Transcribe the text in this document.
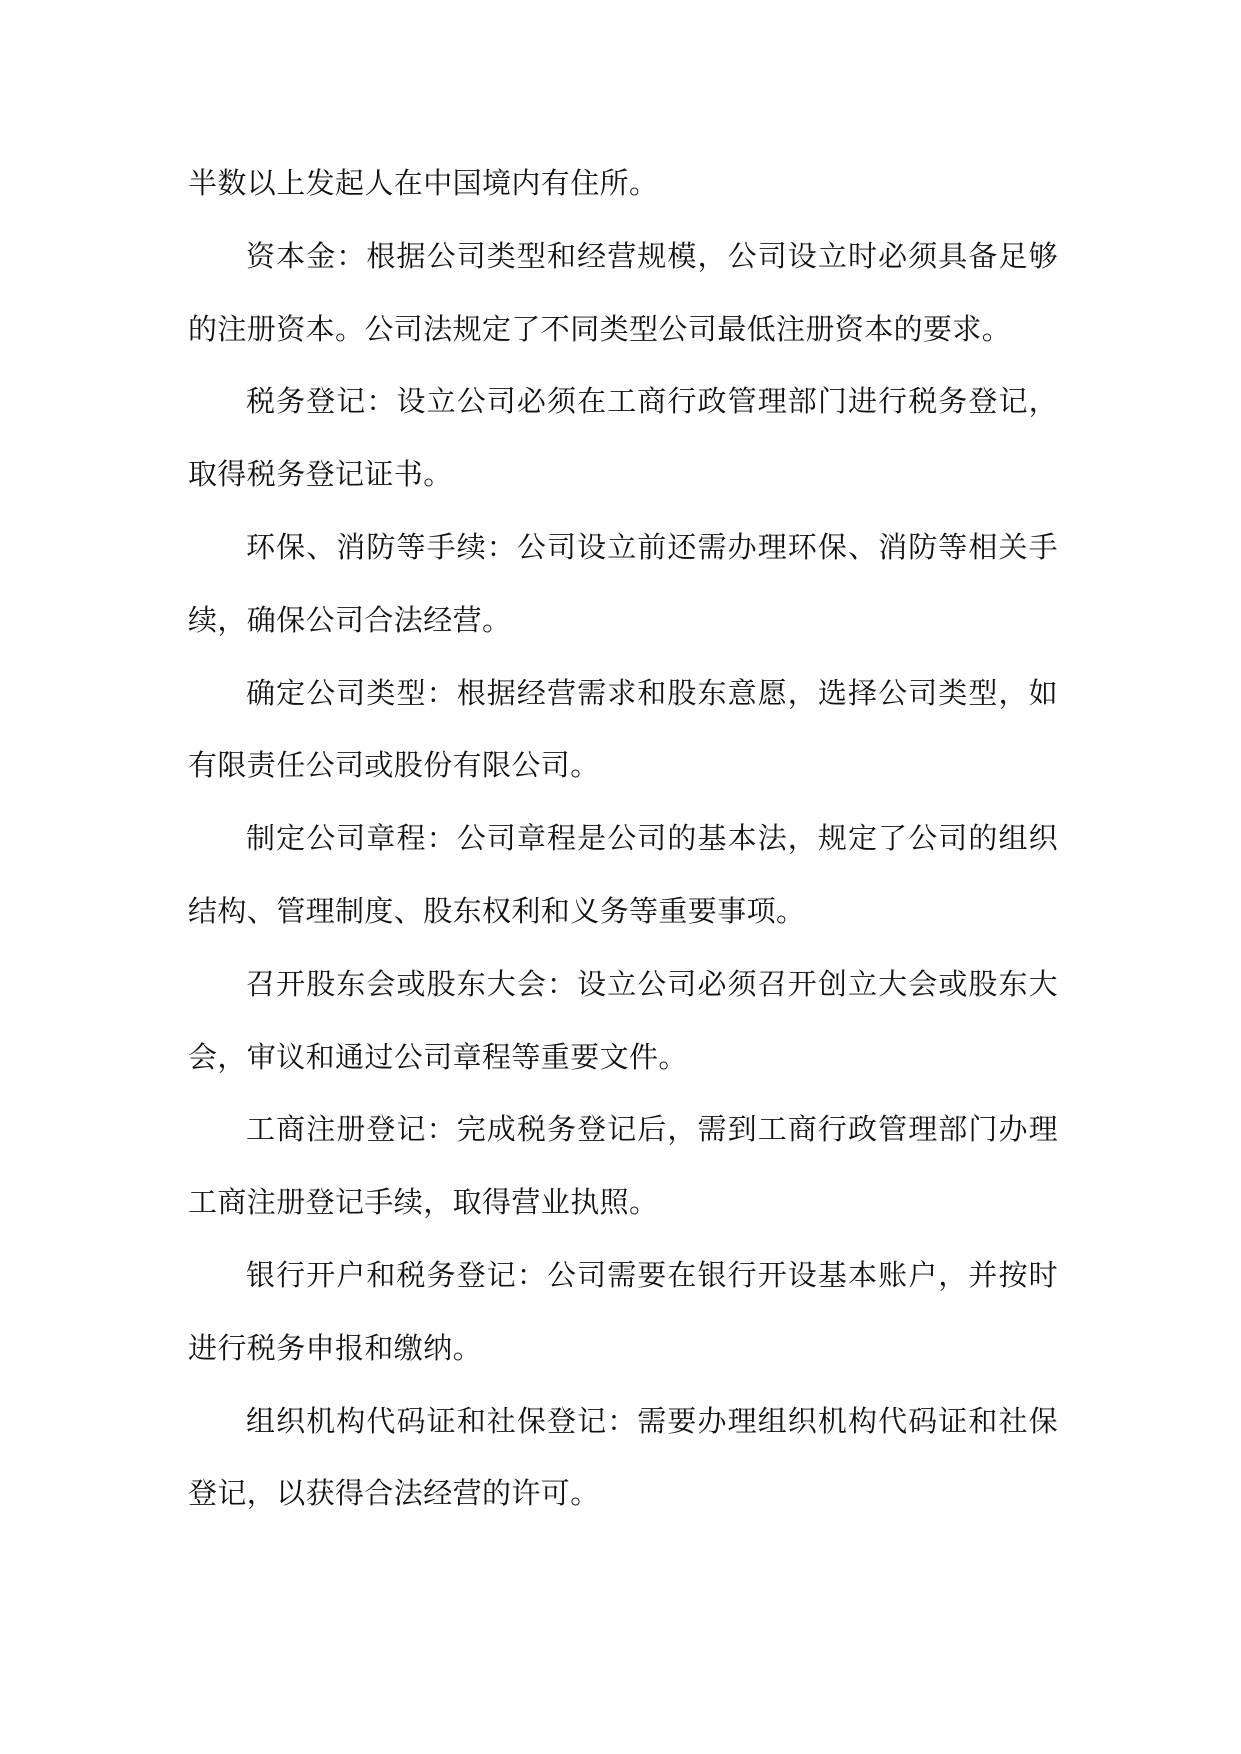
半数以上发起人在中国境内有住所。

资本金：根据公司类型和经营规模，公司设立时必须具备足够的注册资本。公司法规定了不同类型公司最低注册资本的要求。

税务登记：设立公司必须在工商行政管理部门进行税务登记，取得税务登记证书。

环保、消防等手续：公司设立前还需办理环保、消防等相关手续，确保公司合法经营。

确定公司类型：根据经营需求和股东意愿，选择公司类型，如有限责任公司或股份有限公司。

制定公司章程：公司章程是公司的基本法，规定了公司的组织结构、管理制度、股东权利和义务等重要事项。

召开股东会或股东大会：设立公司必须召开创立大会或股东大会，审议和通过公司章程等重要文件。

工商注册登记：完成税务登记后，需到工商行政管理部门办理工商注册登记手续，取得营业执照。

银行开户和税务登记：公司需要在银行开设基本账户，并按时进行税务申报和缴纳。

组织机构代码证和社保登记：需要办理组织机构代码证和社保登记，以获得合法经营的许可。
